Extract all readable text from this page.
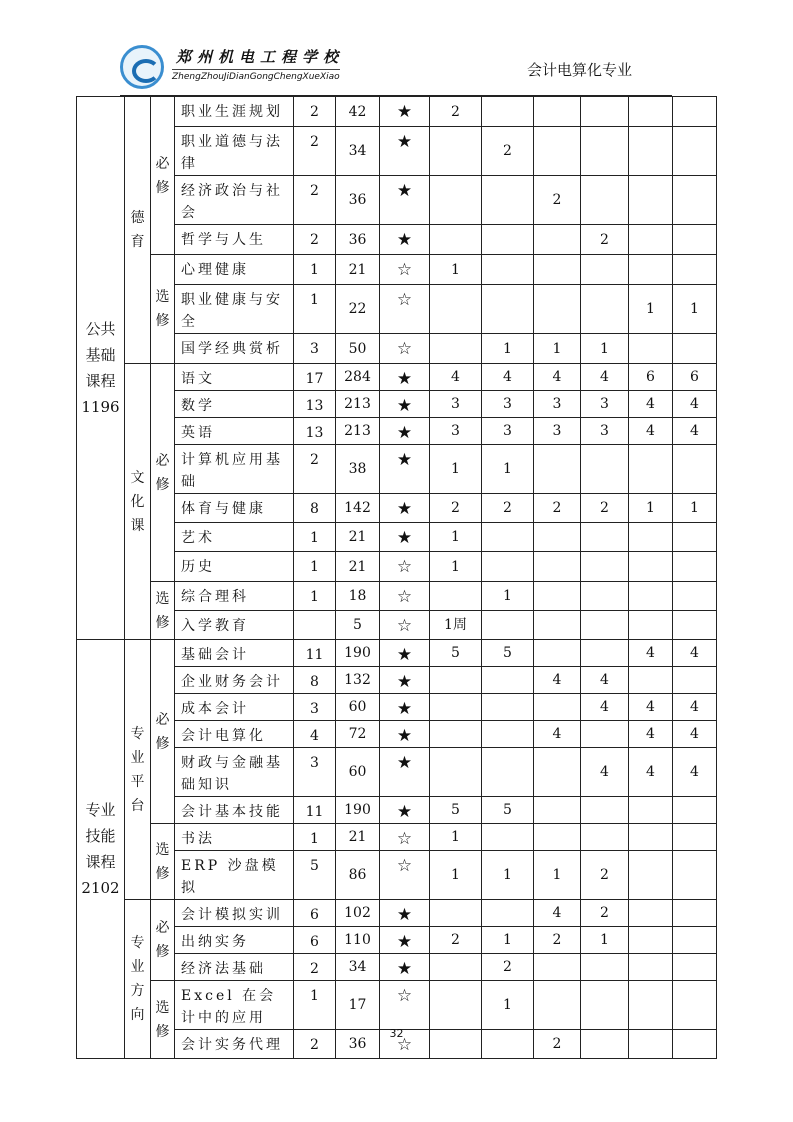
郑州机电工程学校
ZhengZhouJiDianGongChengXueXiao	会计电算化专业
公共基础课程1196	德育	必修	职业生涯规划	2	42	★	2					
			职业道德与法律	2	34	★		2				
			经济政治与社会	2	36	★			2			
			哲学与人生	2	36	★				2		
		选修	心理健康	1	21	☆	1					
			职业健康与安全	1	22	☆					1	1
			国学经典赏析	3	50	☆		1	1	1		
	文化课	必修	语文	17	284	★	4	4	4	4	6	6
			数学	13	213	★	3	3	3	3	4	4
			英语	13	213	★	3	3	3	3	4	4
			计算机应用基础	2	38	★	1	1				
			体育与健康	8	142	★	2	2	2	2	1	1
			艺术	1	21	★	1					
			历史	1	21	☆	1					
		选修	综合理科	1	18	☆		1				
			入学教育		5	☆	1周					
专业技能课程2102	专业平台	必修	基础会计	11	190	★	5	5			4	4
			企业财务会计	8	132	★			4	4		
			成本会计	3	60	★				4	4	4
			会计电算化	4	72	★			4		4	4
			财政与金融基础知识	3	60	★				4	4	4
			会计基本技能	11	190	★	5	5				
		选修	书法	1	21	☆	1					
			ERP 沙盘模拟	5	86	☆	1	1	1	2		
	专业方向	必修	会计模拟实训	6	102	★			4	2		
			出纳实务	6	110	★	2	1	2	1		
			经济法基础	2	34	★		2				
		选修	Excel 在会计中的应用	1	17	☆		1				
			会计实务代理	2	36	☆			2			
32
